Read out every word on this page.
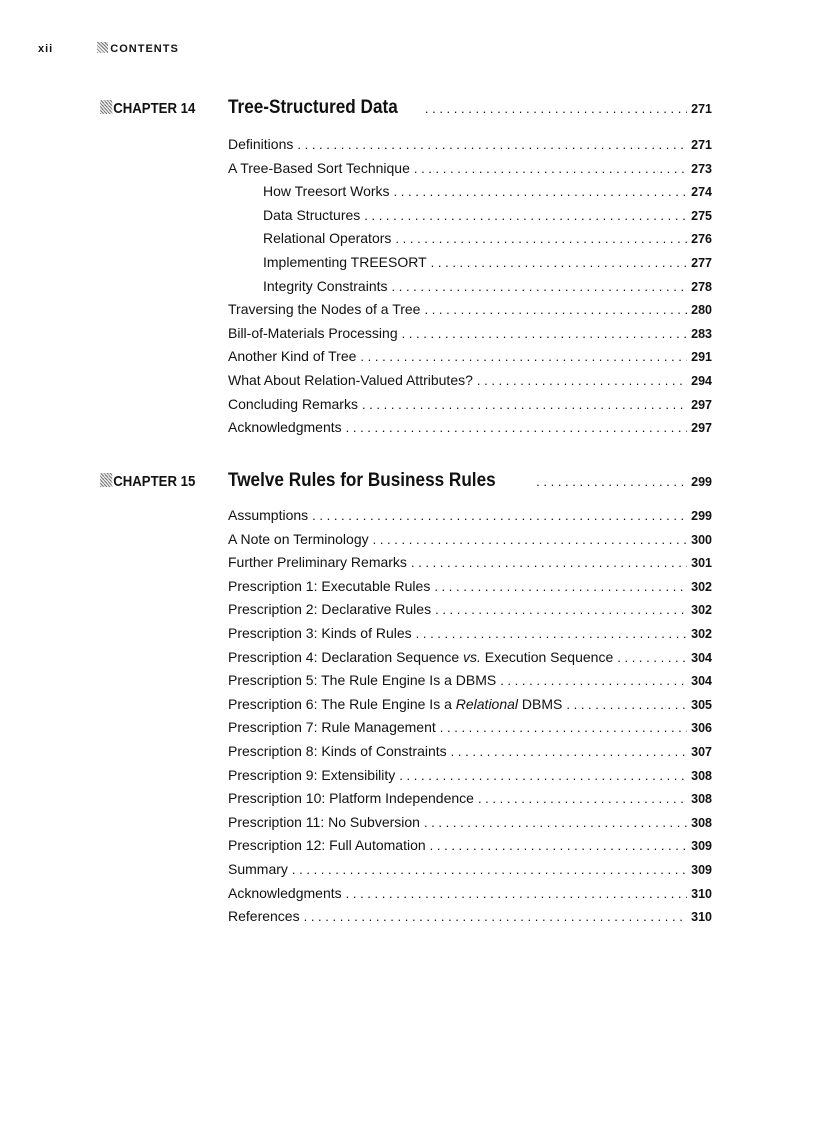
xii	CONTENTS
CHAPTER 14 Tree-Structured Data . . .	271
Definitions . . .	271
A Tree-Based Sort Technique . . .	273
How Treesort Works . . .	274
Data Structures . . .	275
Relational Operators . . .	276
Implementing TREESORT . . .	277
Integrity Constraints . . .	278
Traversing the Nodes of a Tree . . .	280
Bill-of-Materials Processing . . .	283
Another Kind of Tree . . .	291
What About Relation-Valued Attributes? . . .	294
Concluding Remarks . . .	297
Acknowledgments . . .	297
CHAPTER 15 Twelve Rules for Business Rules . . .	299
Assumptions . . .	299
A Note on Terminology . . .	300
Further Preliminary Remarks . . .	301
Prescription 1: Executable Rules . . .	302
Prescription 2: Declarative Rules . . .	302
Prescription 3: Kinds of Rules . . .	302
Prescription 4: Declaration Sequence vs. Execution Sequence . . .	304
Prescription 5: The Rule Engine Is a DBMS . . .	304
Prescription 6: The Rule Engine Is a Relational DBMS . . .	305
Prescription 7: Rule Management . . .	306
Prescription 8: Kinds of Constraints . . .	307
Prescription 9: Extensibility . . .	308
Prescription 10: Platform Independence . . .	308
Prescription 11: No Subversion . . .	308
Prescription 12: Full Automation . . .	309
Summary . . .	309
Acknowledgments . . .	310
References . . .	310
